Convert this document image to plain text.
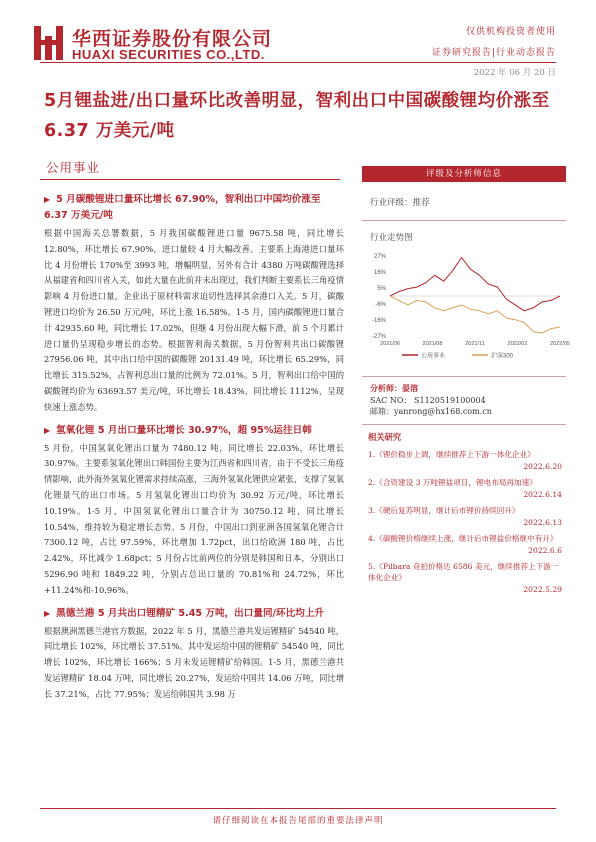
华西证券股份有限公司
HUAXI SECURITIES CO.,LTD.
仅供机构投资者使用
证券研究报告|行业动态报告
2022 年 06 月 20 日
5月锂盐进/出口量环比改善明显，智利出口中国碳酸锂均价涨至 6.37 万美元/吨
公用事业
▶ 5 月碳酸锂进口量环比增长 67.90%，智利出口中国均价涨至 6.37 万美元/吨
根据中国海关总署数据，5 月我国碳酸锂进口量 9675.58 吨，同比增长 12.80%，环比增长 67.90%，进口量较 4 月大幅改善。主要系上海港进口量环比 4 月份增长 170%至 3993 吨，增幅明显，另外有合计 4380 万吨碳酸锂选择从福建省和四川省入关，如此大量在此前并未出现过，我们判断主要系长三角疫情影响 4 月份进口量，企业出于原材料需求迫切性选择其余港口入关。5 月，碳酸锂进口均价为 26.50 万元/吨，环比上涨 16.58%。1-5 月，国内碳酸锂进口量合计 42935.60 吨，同比增长 17.02%，但继 4 月份出现大幅下滑，前 5 个月累计进口量仍呈现稳步增长的态势。根据智利海关数据，5 月份智利共出口碳酸锂 27956.06 吨，其中出口给中国的碳酸锂 20131.49 吨，环比增长 65.29%，同比增长 315.52%，占智利总出口量的比例为 72.01%。5 月，智利出口给中国的碳酸锂均价为 63693.57 美元/吨，环比增长 18.43%，同比增长 1112%，呈现快速上涨态势。
▶ 氢氧化锂 5 月出口量环比增长 30.97%，超 95%运往日韩
5 月份，中国氢氧化锂出口量为 7480.12 吨，同比增长 22.03%，环比增长 30.97%。主要系氢氧化锂出口韩国份主要为江西省和四川省，由于不受长三角疫情影响，此外海外氢氧化锂需求持续高涨，三海外氢氧化锂供应紧张，支撑了氢氧化锂景气的出口市场。5 月氢氧化锂出口均价为 30.92 万元/吨，环比增长 10.19%。1-5 月，中国氢氧化锂出口量合计为 30750.12 吨，同比增长 10.54%，维持较为稳定增长态势。5 月份，中国出口到亚洲各国氢氧化锂合计 7300.12 吨，占比 97.59%，环比增加 1.72pct，出口给欧洲 180 吨，占比 2.42%，环比减少 1.68pct；5 月份占比前两位的分别是韩国和日本，分别出口 5296.90 吨和 1849.22 吨，分别占总出口量的 70.81%和 24.72%，环比+11.24%和-10.96%。
▶ 黑德兰港 5 月共出口锂精矿 5.45 万吨，出口量同/环比均上升
根据澳洲黑德兰港官方数据，2022 年 5 月，黑德兰港共发运锂精矿 54540 吨，同比增长 102%，环比增长 37.51%。其中发运给中国的锂精矿 54540 吨，同比增长 102%，环比增长 166%；5 月未发运锂精矿给韩国。1-5 月，黑德兰港共发运锂精矿 18.04 万吨，同比增长 20.27%，发运给中国共 14.06 万吨，同比增长 37.21%，占比 77.95%；发运给韩国共 3.98 万
评级及分析师信息
行业评级：推荐
行业走势图
27%
16%
5%
-6%
-16%
-27%
2021/06	2021/08	2021/11	2022/02	2022/05
公用事业	沪深300
分析师：晏溶
SAC NO： S1120519100004
邮箱：yanrong@hx168.com.cn
相关研究
1.《锂价稳步上调，继续推荐上下游一体化企业》
2022.6.20
2.《合资建设 3 万吨锂盐项目，锂电布局再加速》
2022.6.14
3.《硬后复苏明显，继计后市锂价持续回升》
2022.6.13
4.《碳酸锂价格继续上涨，继计后市锂盐价格继中有升》
2022.6.6
5.《Pilbara 竞拍价格达 6586 美元，继续推荐上下游一体化企业》
2022.5.29
请仔细阅读在本报告尾部的重要法律声明
